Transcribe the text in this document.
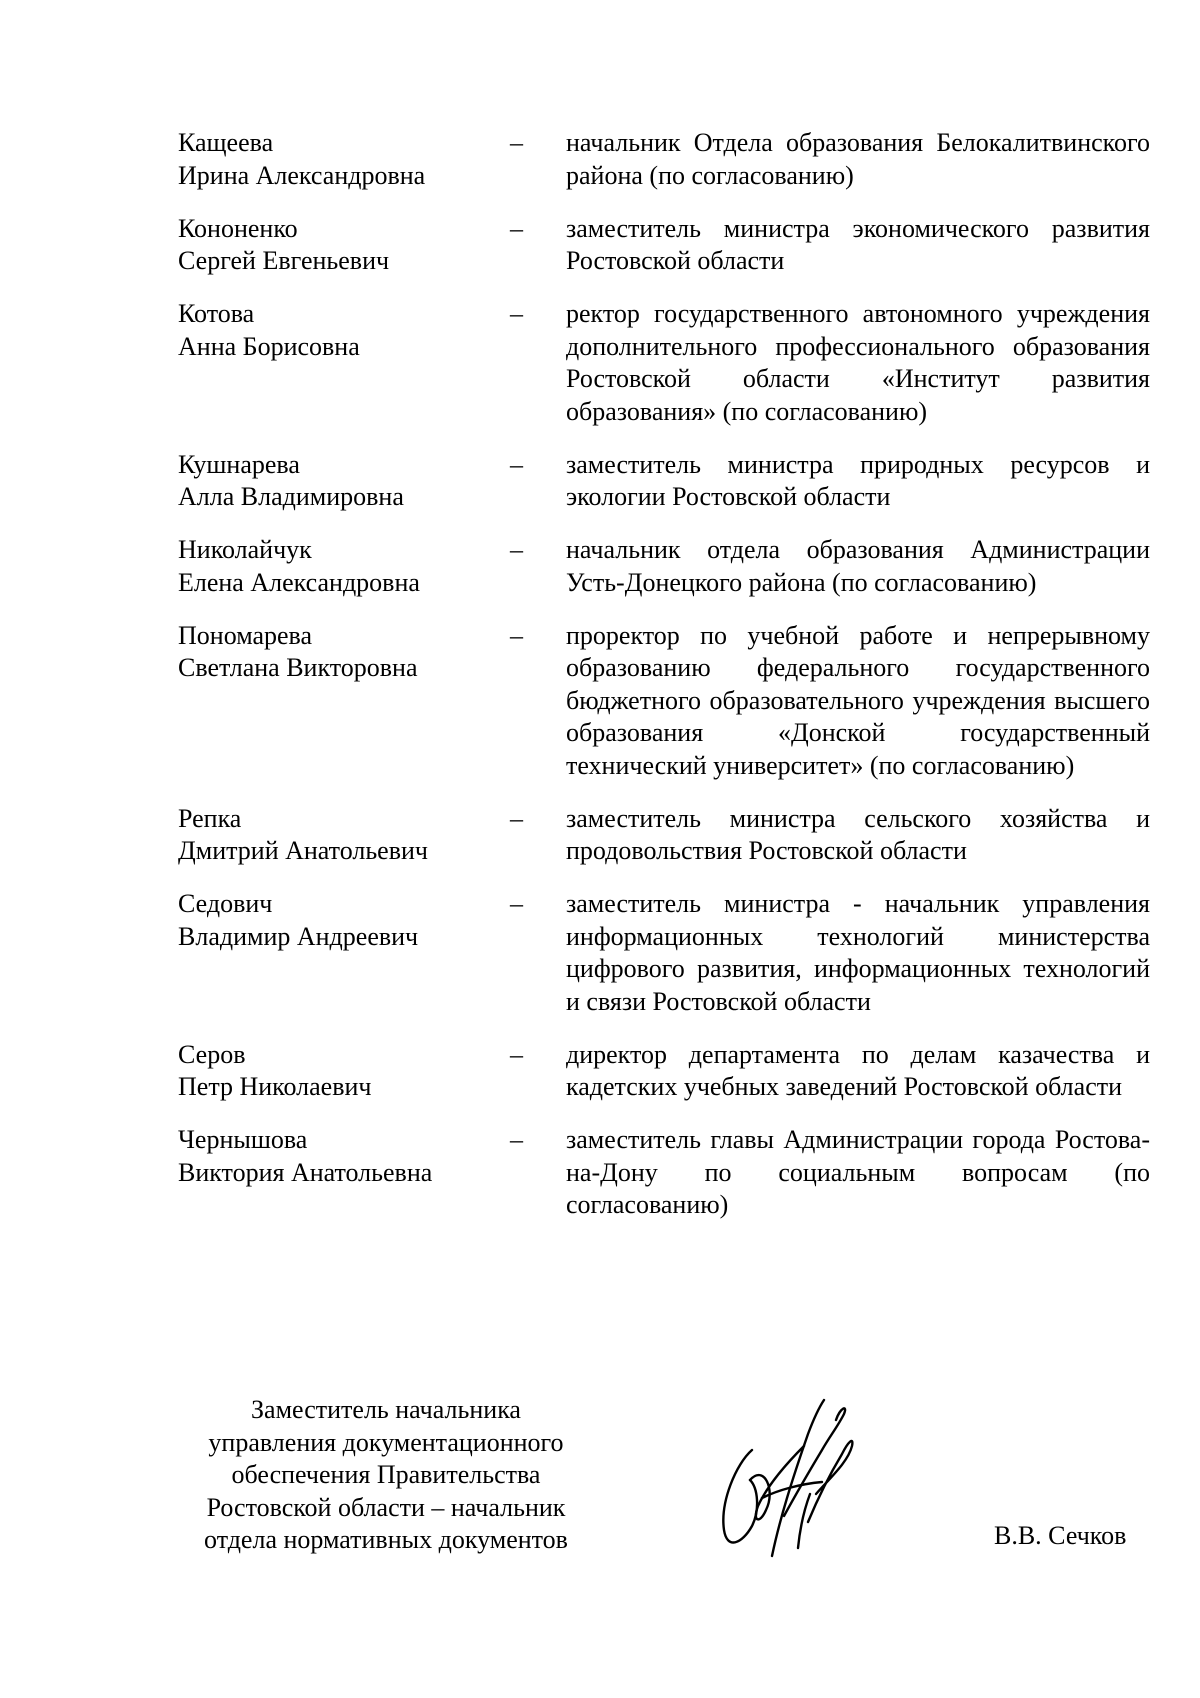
Кащеева
Ирина Александровна
–	начальник Отдела образования Белокалитвинского района (по согласованию)
Кононенко
Сергей Евгеньевич
–	заместитель министра экономического развития Ростовской области
Котова
Анна Борисовна
–	ректор государственного автономного учреждения дополнительного профессионального образования Ростовской области «Институт развития образования» (по согласованию)
Кушнарева
Алла Владимировна
–	заместитель министра природных ресурсов и экологии Ростовской области
Николайчук
Елена Александровна
–	начальник отдела образования Администрации Усть-Донецкого района (по согласованию)
Пономарева
Светлана Викторовна
–	проректор по учебной работе и непрерывному образованию федерального государственного бюджетного образовательного учреждения высшего образования «Донской государственный технический университет» (по согласованию)
Репка
Дмитрий Анатольевич
–	заместитель министра сельского хозяйства и продовольствия Ростовской области
Седович
Владимир Андреевич
–	заместитель министра - начальник управления информационных технологий министерства цифрового развития, информационных технологий и связи Ростовской области
Серов
Петр Николаевич
–	директор департамента по делам казачества и кадетских учебных заведений Ростовской области
Чернышова
Виктория Анатольевна
–	заместитель главы Администрации города Ростова-на-Дону по социальным вопросам (по согласованию)
Заместитель начальника
управления документационного
обеспечения Правительства
Ростовской области – начальник
отдела нормативных документов	В.В. Сечков
